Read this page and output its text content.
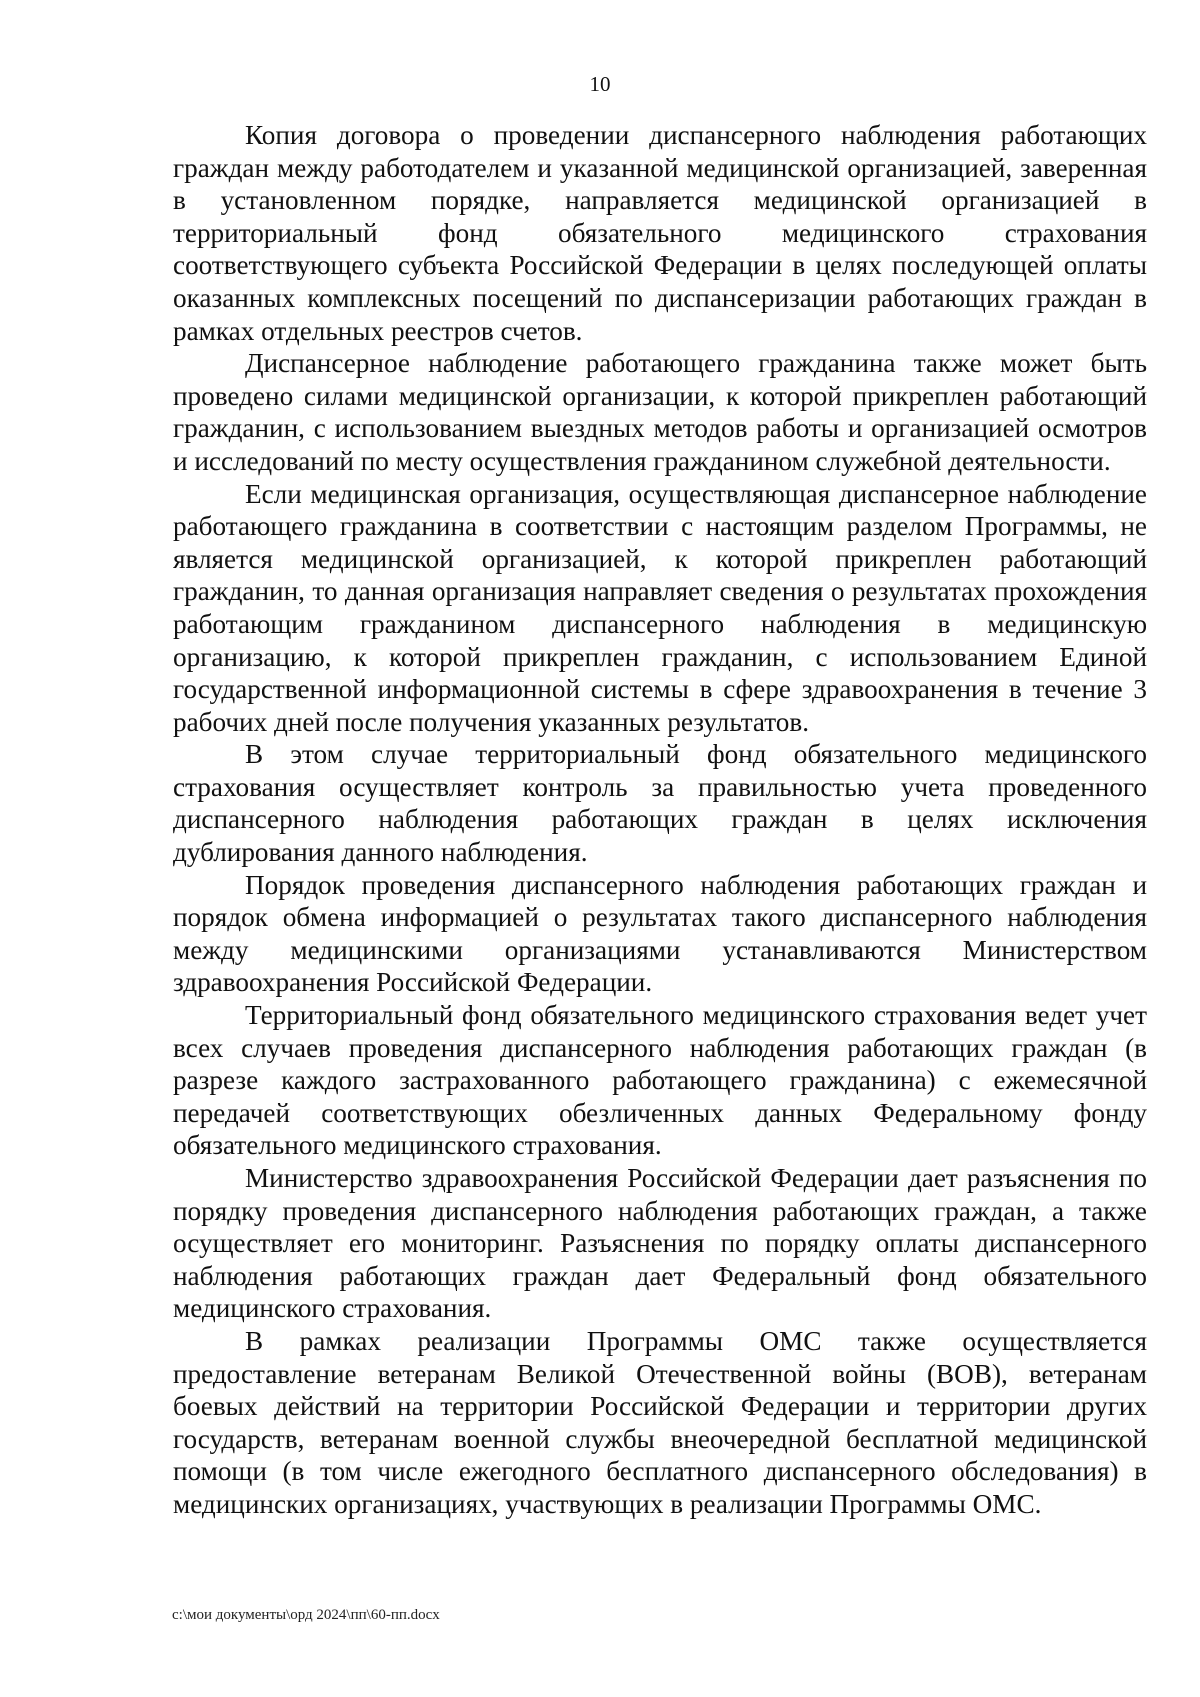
10

Копия договора о проведении диспансерного наблюдения работающих граждан между работодателем и указанной медицинской организацией, заверенная в установленном порядке, направляется медицинской организацией в территориальный фонд обязательного медицинского страхования соответствующего субъекта Российской Федерации в целях последующей оплаты оказанных комплексных посещений по диспансеризации работающих граждан в рамках отдельных реестров счетов.

Диспансерное наблюдение работающего гражданина также может быть проведено силами медицинской организации, к которой прикреплен работающий гражданин, с использованием выездных методов работы и организацией осмотров и исследований по месту осуществления гражданином служебной деятельности.

Если медицинская организация, осуществляющая диспансерное наблюдение работающего гражданина в соответствии с настоящим разделом Программы, не является медицинской организацией, к которой прикреплен работающий гражданин, то данная организация направляет сведения о результатах прохождения работающим гражданином диспансерного наблюдения в медицинскую организацию, к которой прикреплен гражданин, с использованием Единой государственной информационной системы в сфере здравоохранения в течение 3 рабочих дней после получения указанных результатов.

В этом случае территориальный фонд обязательного медицинского страхования осуществляет контроль за правильностью учета проведенного диспансерного наблюдения работающих граждан в целях исключения дублирования данного наблюдения.

Порядок проведения диспансерного наблюдения работающих граждан и порядок обмена информацией о результатах такого диспансерного наблюдения между медицинскими организациями устанавливаются Министерством здравоохранения Российской Федерации.

Территориальный фонд обязательного медицинского страхования ведет учет всех случаев проведения диспансерного наблюдения работающих граждан (в разрезе каждого застрахованного работающего гражданина) с ежемесячной передачей соответствующих обезличенных данных Федеральному фонду обязательного медицинского страхования.

Министерство здравоохранения Российской Федерации дает разъяснения по порядку проведения диспансерного наблюдения работающих граждан, а также осуществляет его мониторинг. Разъяснения по порядку оплаты диспансерного наблюдения работающих граждан дает Федеральный фонд обязательного медицинского страхования.

В рамках реализации Программы ОМС также осуществляется предоставление ветеранам Великой Отечественной войны (ВОВ), ветеранам боевых действий на территории Российской Федерации и территории других государств, ветеранам военной службы внеочередной бесплатной медицинской помощи (в том числе ежегодного бесплатного диспансерного обследования) в медицинских организациях, участвующих в реализации Программы ОМС.

c:\мои документы\орд 2024\пп\60-пп.docx
